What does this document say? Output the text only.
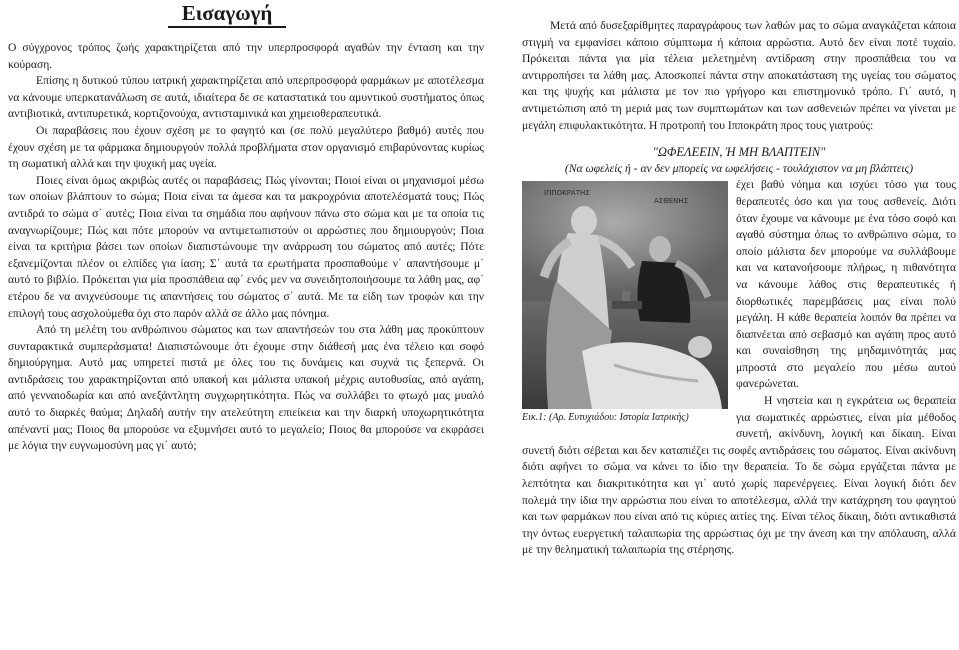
Εισαγωγή

Ο σύγχρονος τρόπος ζωής χαρακτηρίζεται από την υπερπροσφορά αγαθών την ένταση και την κούραση.

Επίσης η δυτικού τύπου ιατρική χαρακτηρίζεται από υπερπροσφορά φαρμάκων με αποτέλεσμα να κάνουμε υπερκατανάλωση σε αυτά, ιδιαίτερα δε σε καταστατικά του αμυντικού συστήματος όπως αντιβιοτικά, αντιπυρετικά, κορτιζονούχα, αντισταμινικά και χημειοθεραπευτικά.

Οι παραβάσεις που έχουν σχέση με το φαγητό και (σε πολύ μεγαλύτερο βαθμό) αυτές που έχουν σχέση με τα φάρμακα δημιουργούν πολλά προβλήματα στον οργανισμό επιβαρύνοντας κυρίως τη σωματική αλλά και την ψυχική μας υγεία.

Ποιες είναι όμως ακριβώς αυτές οι παραβάσεις; Πώς γίνονται; Ποιοί είναι οι μηχανισμοί μέσω των οποίων βλάπτουν το σώμα; Ποια είναι τα άμεσα και τα μακροχρόνια αποτελέσματά τους; Πώς αντιδρά το σώμα σ΄ αυτές; Ποια είναι τα σημάδια που αφήνουν πάνω στο σώμα και με τα οποία τις αναγνωρίζουμε; Πώς και πότε μπορούν να αντιμετωπιστούν οι αρρώστιες που δημιουργούν; Ποια είναι τα κριτήρια βάσει των οποίων διαπιστώνουμε την ανάρρωση του σώματος από αυτές; Πότε εξανεμίζονται πλέον οι ελπίδες για ίαση; Σ΄ αυτά τα ερωτήματα προσπαθούμε ν΄ απαντήσουμε μ΄ αυτό το βιβλίο. Πρόκειται για μία προσπάθεια αφ΄ ενός μεν να συνειδητοποιήσουμε τα λάθη μας, αφ΄ ετέρου δε να ανιχνεύσουμε τις απαντήσεις του σώματος σ΄ αυτά. Με τα είδη των τροφών και την επιλογή τους ασχολούμεθα όχι στο παρόν αλλά σε άλλο μας πόνημα.

Από τη μελέτη του ανθρώπινου σώματος και των απαντήσεών του στα λάθη μας προκύπτουν συνταρακτικά συμπεράσματα! Διαπιστώνουμε ότι έχουμε στην διάθεσή μας ένα τέλειο και σοφό δημιούργημα. Αυτό μας υπηρετεί πιστά με όλες του τις δυνάμεις και συχνά τις ξεπερνά. Οι αντιδράσεις του χαρακτηρίζονται από υπακοή και μάλιστα υπακοή μέχρις αυτοθυσίας, από αγάπη, από γενναιοδωρία και από ανεξάντλητη συγχωρητικότητα. Πώς να συλλάβει το φτωχό μας μυαλό αυτό το διαρκές θαύμα; Δηλαδή αυτήν την ατελεύτητη επιείκεια και την διαρκή υποχωρητικότητα απέναντί μας; Ποιος θα μπορούσε να εξυμνήσει αυτό το μεγαλείο; Ποιος θα μπορούσε να εκφράσει με λόγια την ευγνωμοσύνη μας γι΄ αυτό;

Μετά από δυσεξαρίθμητες παραγράφους των λαθών μας το σώμα αναγκάζεται κάποια στιγμή να εμφανίσει κάποιο σύμπτωμα ή κάποια αρρώστια. Αυτό δεν είναι ποτέ τυχαίο. Πρόκειται πάντα για μία τέλεια μελετημένη αντίδραση στην προσπάθεια του να αντιρροπήσει τα λάθη μας. Αποσκοπεί πάντα στην αποκατάσταση της υγείας του σώματος και της ψυχής και μάλιστα με τον πιο γρήγορο και επιστημονικό τρόπο. Γι΄ αυτό, η αντιμετώπιση από τη μεριά μας των συμπτωμάτων και των ασθενειών πρέπει να γίνεται με μεγάλη επιφυλακτικότητα. Η προτροπή του Ιπποκράτη προς τους γιατρούς:

"ΩΦΕΛΕΕΙΝ, Ή ΜΗ ΒΛΑΠΤΕΙΝ"
(Να ωφελείς ή - αν δεν μπορείς να ωφελήσεις - τουλάχιστον να μη βλάπτεις)
ΙΠΠΟΚΡΑΤΗΣ
ΑΣΘΕΝΗΣ
Εικ.1: (Αρ. Ευτυχιάδου: Ιστορία Ιατρικής)

έχει βαθύ νόημα και ισχύει τόσο για τους θεραπευτές όσο και για τους ασθενείς. Διότι όταν έχουμε να κάνουμε με ένα τόσο σοφό και αγαθό σύστημα όπως το ανθρώπινο σώμα, το οποίο μάλιστα δεν μπορούμε να συλλάβουμε και να κατανοήσουμε πλήρως, η πιθανότητα να κάνουμε λάθος στις θεραπευτικές ή διορθωτικές παρεμβάσεις μας είναι πολύ μεγάλη. Η κάθε θεραπεία λοιπόν θα πρέπει να διαπνέεται από σεβασμό και αγάπη προς αυτό και συναίσθηση της μηδαμινότητάς μας μπροστά στο μεγαλείο που μέσω αυτού φανερώνεται.

Η νηστεία και η εγκράτεια ως θεραπεία για σωματικές αρρώστιες, είναι μία μέθοδος συνετή, ακίνδυνη, λογική και δίκαιη. Είναι συνετή διότι σέβεται και δεν καταπιέζει τις σοφές αντιδράσεις του σώματος. Είναι ακίνδυνη διότι αφήνει το σώμα να κάνει το ίδιο την θεραπεία. Το δε σώμα εργάζεται πάντα με λεπτότητα και διακριτικότητα και γι΄ αυτό χωρίς παρενέργειες. Είναι λογική διότι δεν πολεμά την ίδια την αρρώστια που είναι το αποτέλεσμα, αλλά την κατάχρηση του φαγητού και των φαρμάκων που είναι από τις κύριες αιτίες της. Είναι τέλος δίκαιη, διότι αντικαθιστά την όντως ευεργετική ταλαιπωρία της αρρώστιας όχι με την άνεση και την απόλαυση, αλλά με την θεληματική ταλαιπωρία της στέρησης.
